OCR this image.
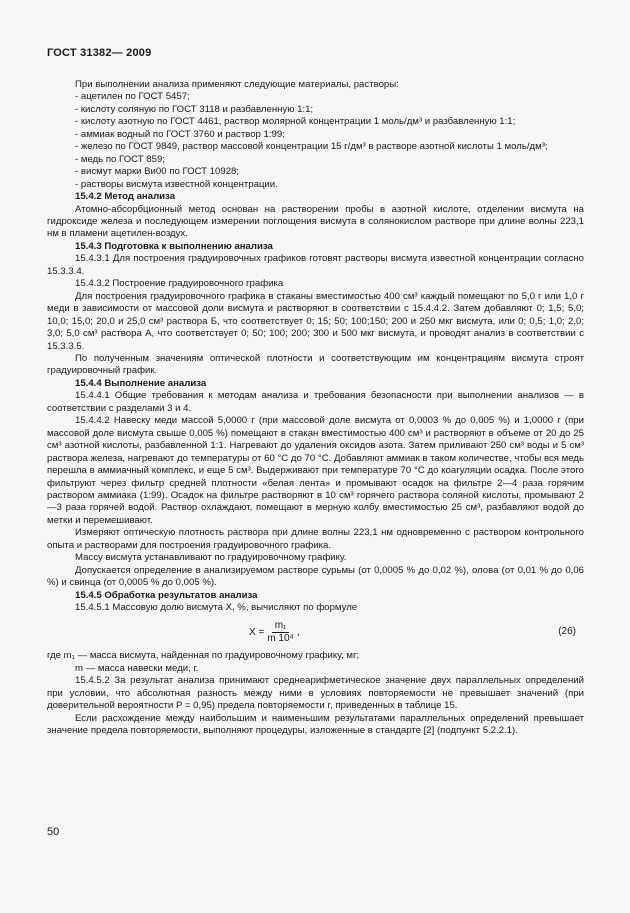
ГОСТ 31382— 2009

При выполнении анализа применяют следующие материалы, растворы:

- ацетилен по ГОСТ 5457;

- кислоту соляную по ГОСТ 3118 и разбавленную 1:1;

- кислоту азотную по ГОСТ 4461, раствор молярной концентрации 1 моль/дм³ и разбавленную 1:1;

- аммиак водный по ГОСТ 3760 и раствор 1:99;

- железо по ГОСТ 9849, раствор массовой концентрации 15 г/дм³ в растворе азотной кислоты 1 моль/дм³;

- медь по ГОСТ 859;

- висмут марки Ви00 по ГОСТ 10928;

- растворы висмута известной концентрации.

15.4.2 Метод анализа

Атомно-абсорбционный метод основан на растворении пробы в азотной кислоте, отделении висмута на гидроксиде железа и последующем измерении поглощения висмута в солянокислом растворе при длине волны 223,1 нм в пламени ацетилен-воздух.

15.4.3 Подготовка к выполнению анализа

15.4.3.1 Для построения градуировочных графиков готовят растворы висмута известной концентрации согласно 15.3.3.4.

15.4.3.2 Построение градуировочного графика

Для построения градуировочного графика в стаканы вместимостью 400 см³ каждый помещают по 5,0 г или 1,0 г меди в зависимости от массовой доли висмута и растворяют в соответствии с 15.4.4.2. Затем добавляют 0; 1,5; 5,0; 10,0; 15,0; 20,0 и 25,0 см³ раствора Б, что соответствует 0; 15; 50; 100;150; 200 и 250 мкг висмута, или 0; 0,5; 1,0; 2,0; 3,0; 5,0 см³ раствора А, что соответствует 0; 50; 100; 200; 300 и 500 мкг висмута, и проводят анализ в соответствии с 15.3.3.5.

По полученным значениям оптической плотности и соответствующим им концентрациям висмута строят градуировочный график.

15.4.4 Выполнение анализа

15.4.4.1 Общие требования к методам анализа и требования безопасности при выполнении анализов — в соответствии с разделами 3 и 4.

15.4.4.2 Навеску меди массой 5,0000 г (при массовой доле висмута от 0,0003 % до 0,005 %) и 1,0000 г (при массовой доле висмута свыше 0,005 %) помещают в стакан вместимостью 400 см³ и растворяют в объеме от 20 до 25 см³ азотной кислоты, разбавленной 1:1. Нагревают до удаления оксидов азота. Затем приливают 250 см³ воды и 5 см³ раствора железа, нагревают до температуры от 60 °С до 70 °С. Добавляют аммиак в таком количестве, чтобы вся медь перешла в аммиачный комплекс, и еще 5 см³. Выдерживают при температуре 70 °С до коагуляции осадка. После этого фильтруют через фильтр средней плотности «белая лента» и промывают осадок на фильтре 2—4 раза горячим раствором аммиака (1:99). Осадок на фильтре растворяют в 10 см³ горячего раствора соляной кислоты, промывают 2—3 раза горячей водой. Раствор охлаждают, помещают в мерную колбу вместимостью 25 см³, разбавляют водой до метки и перемешивают.

Измеряют оптическую плотность раствора при длине волны 223,1 нм одновременно с раствором контрольного опыта и растворами для построения градуировочного графика.

Массу висмута устанавливают по градуировочному графику.

Допускается определение в анализируемом растворе сурьмы (от 0,0005 % до 0,02 %), олова (от 0,01 % до 0,06 %) и свинца (от 0,0005 % до 0,005 %).

15.4.5 Обработка результатов анализа

15.4.5.1 Массовую долю висмута X, %, вычисляют по формуле

$X = \frac{\text{m₁}}{\text{m 10⁴}}$ ,	(26)

где m₁ — масса висмута, найденная по градуировочному графику, мг;

m — масса навески меди, г.

15.4.5.2 За результат анализа принимают среднеарифметическое значение двух параллельных определений при условии, что абсолютная разность между ними в условиях повторяемости не превышает значений (при доверительной вероятности P = 0,95) предела повторяемости r, приведенных в таблице 15.

Если расхождение между наибольшим и наименьшим результатами параллельных определений превышает значение предела повторяемости, выполняют процедуры, изложенные в стандарте [2] (подпункт 5.2.2.1).

50
